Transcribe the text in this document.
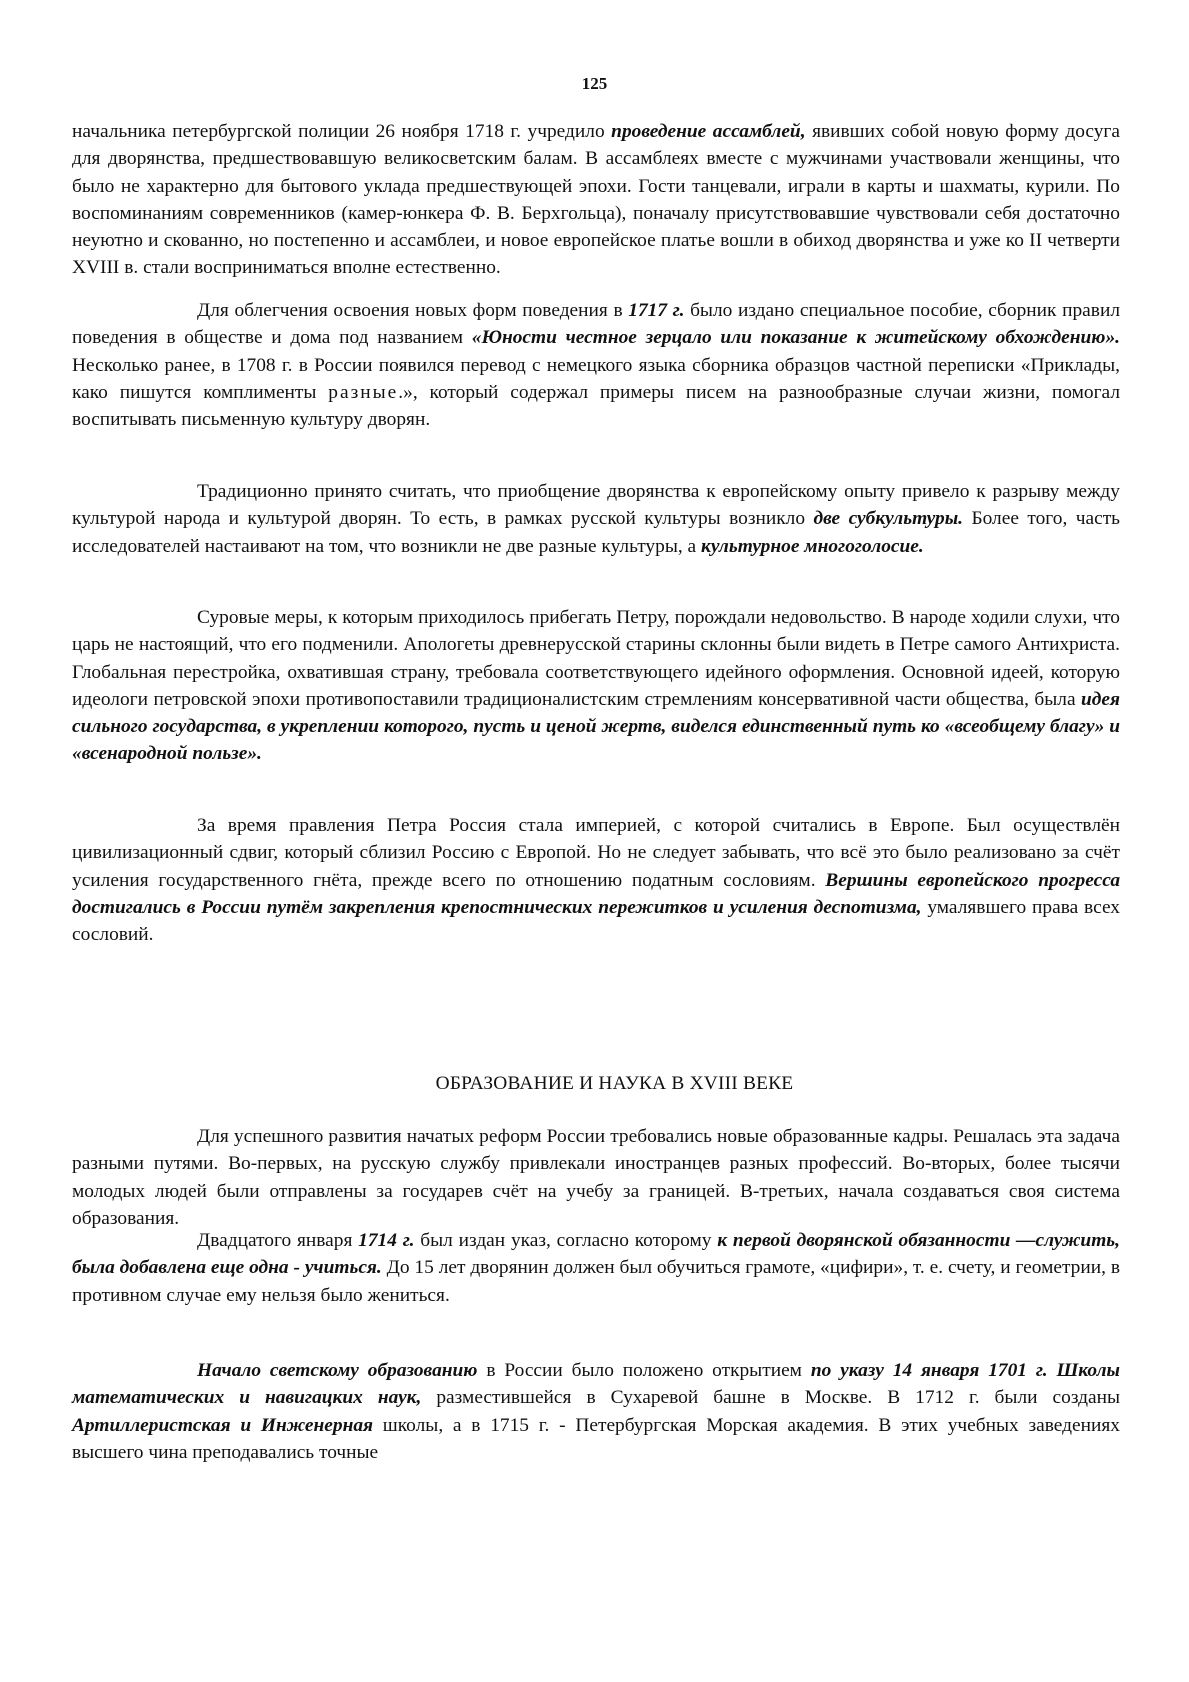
125

начальника петербургской полиции 26 ноября 1718 г. учредило проведение ассамблей, явивших собой новую форму досуга для дворянства, предшествовавшую великосветским балам. В ассамблеях вместе с мужчинами участвовали женщины, что было не характерно для бытового уклада предшествующей эпохи. Гости танцевали, играли в карты и шахматы, курили. По воспоминаниям современников (камер-юнкера Ф. В. Берхгольца), поначалу присутствовавшие чувствовали себя достаточно неуютно и скованно, но постепенно и ассамблеи, и новое европейское платье вошли в обиход дворянства и уже ко II четверти XVIII в. стали восприниматься вполне естественно.

Для облегчения освоения новых форм поведения в 1717 г. было издано специальное пособие, сборник правил поведения в обществе и дома под названием «Юности честное зерцало или показание к житейскому обхождению». Несколько ранее, в 1708 г. в России появился перевод с немецкого языка сборника образцов частной переписки «Приклады, како пишутся комплименты разные.», который содержал примеры писем на разнообразные случаи жизни, помогал воспитывать письменную культуру дворян.

Традиционно принято считать, что приобщение дворянства к европейскому опыту привело к разрыву между культурой народа и культурой дворян. То есть, в рамках русской культуры возникло две субкультуры. Более того, часть исследователей настаивают на том, что возникли не две разные культуры, а культурное многоголосие.

Суровые меры, к которым приходилось прибегать Петру, порождали недовольство. В народе ходили слухи, что царь не настоящий, что его подменили. Апологеты древнерусской старины склонны были видеть в Петре самого Антихриста. Глобальная перестройка, охватившая страну, требовала соответствующего идейного оформления. Основной идеей, которую идеологи петровской эпохи противопоставили традиционалистским стремлениям консервативной части общества, была идея сильного государства, в укреплении которого, пусть и ценой жертв, виделся единственный путь ко «всеобщему благу» и «всенародной пользе».

За время правления Петра Россия стала империей, с которой считались в Европе. Был осуществлён цивилизационный сдвиг, который сблизил Россию с Европой. Но не следует забывать, что всё это было реализовано за счёт усиления государственного гнёта, прежде всего по отношению податным сословиям. Вершины европейского прогресса достигались в России путём закрепления крепостнических пережитков и усиления деспотизма, умалявшего права всех сословий.

ОБРАЗОВАНИЕ И НАУКА В XVIII ВЕКЕ

Для успешного развития начатых реформ России требовались новые образованные кадры. Решалась эта задача разными путями. Во-первых, на русскую службу привлекали иностранцев разных профессий. Во-вторых, более тысячи молодых людей были отправлены за государев счёт на учебу за границей. В-третьих, начала создаваться своя система образования.

Двадцатого января 1714 г. был издан указ, согласно которому к первой дворянской обязанности —служить, была добавлена еще одна - учиться. До 15 лет дворянин должен был обучиться грамоте, «цифири», т. е. счету, и геометрии, в противном случае ему нельзя было жениться.

Начало светскому образованию в России было положено открытием по указу 14 января 1701 г. Школы математических и навигацких наук, разместившейся в Сухаревой башне в Москве. В 1712 г. были созданы Артиллеристская и Инженерная школы, а в 1715 г. - Петербургская Морская академия. В этих учебных заведениях высшего чина преподавались точные
